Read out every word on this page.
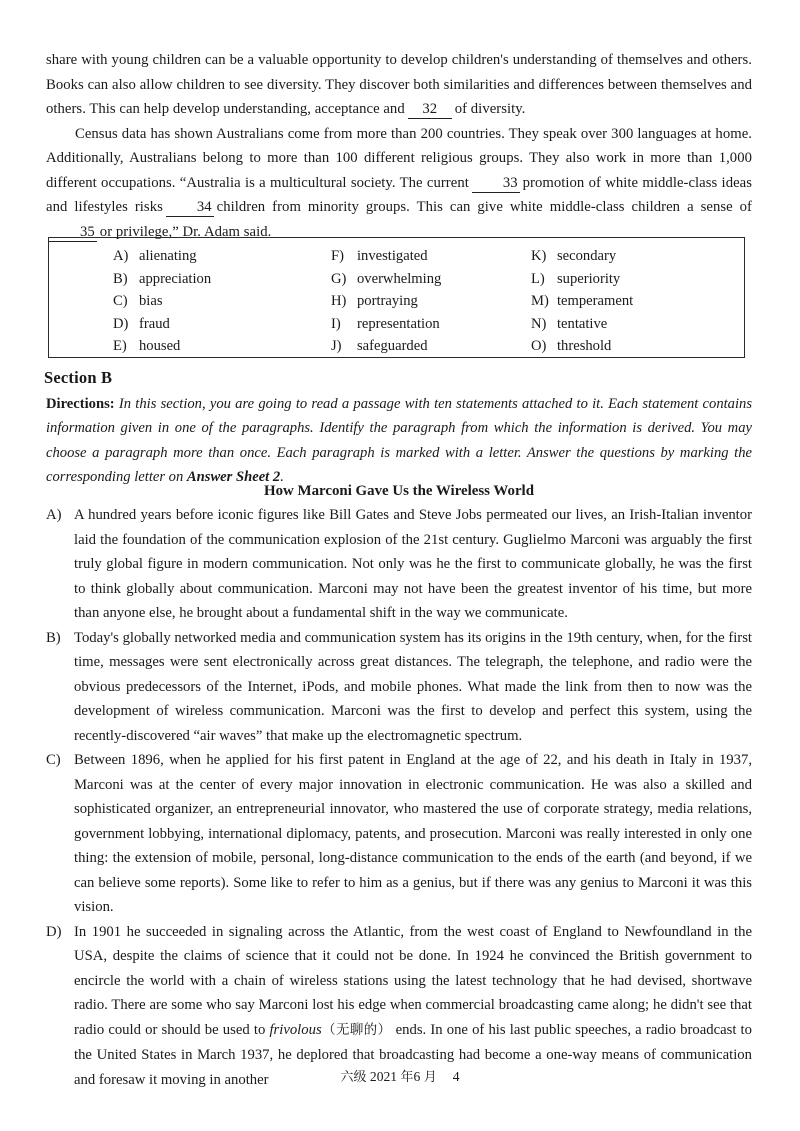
share with young children can be a valuable opportunity to develop children's understanding of themselves and others. Books can also allow children to see diversity. They discover both similarities and differences between themselves and others. This can help develop understanding, acceptance and 32 of diversity.

Census data has shown Australians come from more than 200 countries. They speak over 300 languages at home. Additionally, Australians belong to more than 100 different religious groups. They also work in more than 1,000 different occupations. “Australia is a multicultural society. The current 33 promotion of white middle-class ideas and lifestyles risks 34 children from minority groups. This can give white middle-class children a sense of35 or privilege,” Dr. Adam said.

A) alienating
B) appreciation
C) bias
D) fraud
E) housed
F) investigated
G) overwhelming
H) portraying
I) representation
J) safeguarded
K) secondary
L) superiority
M) temperament
N) tentative
O) threshold
Section B
Directions: In this section, you are going to read a passage with ten statements attached to it. Each statement contains information given in one of the paragraphs. Identify the paragraph from which the information is derived. You may choose a paragraph more than once. Each paragraph is marked with a letter. Answer the questions by marking the corresponding letter on Answer Sheet 2.
How Marconi Gave Us the Wireless World

A) A hundred years before iconic figures like Bill Gates and Steve Jobs permeated our lives, an Irish-Italian inventor laid the foundation of the communication explosion of the 21st century. Guglielmo Marconi was arguably the first truly global figure in modern communication. Not only was he the first to communicate globally, he was the first to think globally about communication. Marconi may not have been the greatest inventor of his time, but more than anyone else, he brought about a fundamental shift in the way we communicate.

B) Today's globally networked media and communication system has its origins in the 19th century, when, for the first time, messages were sent electronically across great distances. The telegraph, the telephone, and radio were the obvious predecessors of the Internet, iPods, and mobile phones. What made the link from then to now was the development of wireless communication. Marconi was the first to develop and perfect this system, using the recently-discovered “air waves” that make up the electromagnetic spectrum.

C) Between 1896, when he applied for his first patent in England at the age of 22, and his death in Italy in 1937, Marconi was at the center of every major innovation in electronic communication. He was also a skilled and sophisticated organizer, an entrepreneurial innovator, who mastered the use of corporate strategy, media relations, government lobbying, international diplomacy, patents, and prosecution. Marconi was really interested in only one thing: the extension of mobile, personal, long-distance communication to the ends of the earth (and beyond, if we can believe some reports). Some like to refer to him as a genius, but if there was any genius to Marconi it was this vision.

D) In 1901 he succeeded in signaling across the Atlantic, from the west coast of England to Newfoundland in the USA, despite the claims of science that it could not be done. In 1924 he convinced the British government to encircle the world with a chain of wireless stations using the latest technology that he had devised, shortwave radio. There are some who say Marconi lost his edge when commercial broadcasting came along; he didn't see that radio could or should be used to frivolous（无聊的） ends. In one of his last public speeches, a radio broadcast to the United States in March 1937, he deplored that broadcasting had become a one-way means of communication and foresaw it moving in another	六级 2021 年6 月 4
